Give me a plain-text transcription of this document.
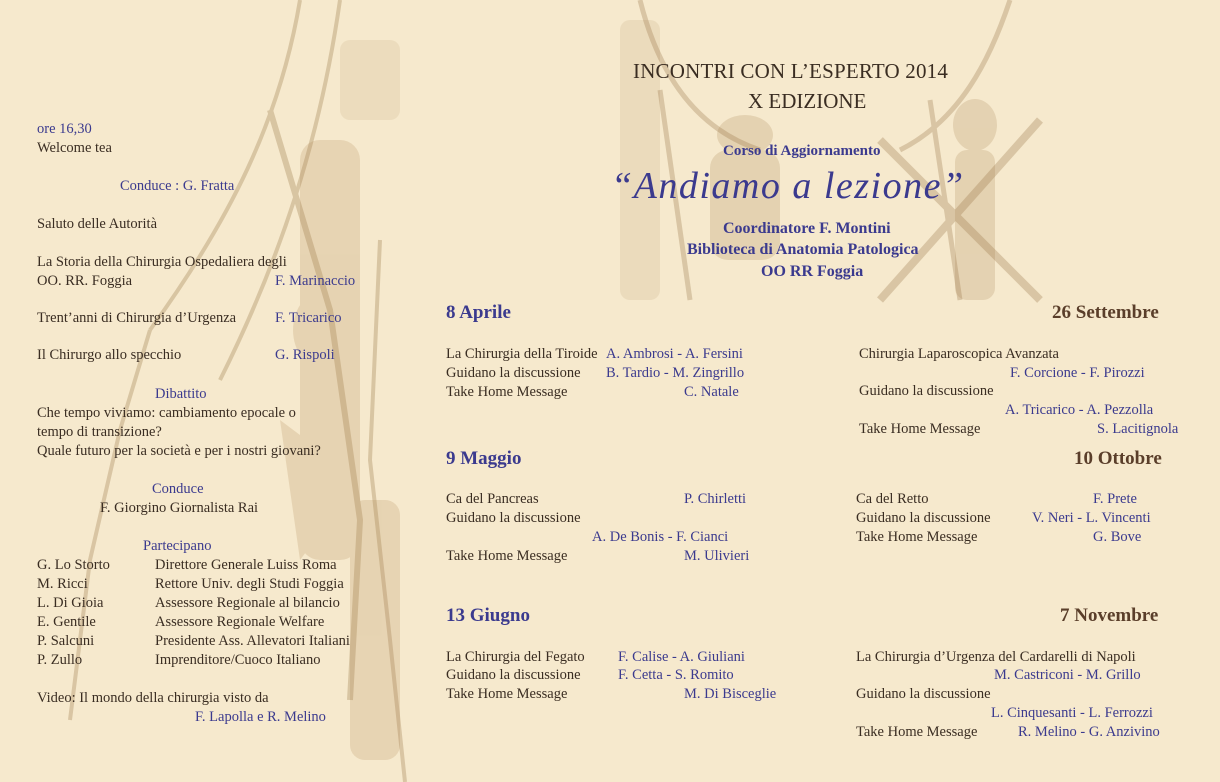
ore 16,30
Welcome tea
Conduce : G. Fratta
Saluto delle Autorità
La Storia della Chirurgia Ospedaliera degli
OO. RR. Foggia	F. Marinaccio
Trent’anni di Chirurgia d’Urgenza	F. Tricarico
Il Chirurgo allo specchio	G. Rispoli
Dibattito
Che tempo viviamo: cambiamento epocale o
tempo di transizione?
Quale futuro per la società e per i nostri giovani?
Conduce
F. Giorgino Giornalista Rai
Partecipano
G. Lo Storto	Direttore Generale Luiss Roma
M. Ricci	Rettore Univ. degli Studi Foggia
L. Di Gioia	Assessore Regionale al bilancio
E. Gentile	Assessore Regionale Welfare
P. Salcuni	Presidente Ass. Allevatori Italiani
P. Zullo	Imprenditore/Cuoco Italiano
Video: Il mondo della chirurgia visto da
F. Lapolla e R. Melino
INCONTRI CON L’ESPERTO 2014
X EDIZIONE
Corso di Aggiornamento
“Andiamo a lezione”
Coordinatore F. Montini
Biblioteca di Anatomia Patologica
OO RR Foggia
8 Aprile
La Chirurgia della Tiroide A. Ambrosi - A. Fersini
Guidano la discussione B. Tardio - M. Zingrillo
Take Home Message	C. Natale
26 Settembre
Chirurgia Laparoscopica Avanzata
F. Corcione - F. Pirozzi
Guidano la discussione
A. Tricarico - A. Pezzolla
Take Home Message	S. Lacitignola
9 Maggio
Ca del Pancreas	P. Chirletti
Guidano la discussione
A. De Bonis - F. Cianci
Take Home Message	M. Ulivieri
10 Ottobre
Ca del Retto	F. Prete
Guidano la discussione	V. Neri - L. Vincenti
Take Home Message	G. Bove
13 Giugno
La Chirurgia del Fegato F. Calise - A. Giuliani
Guidano la discussione	F. Cetta - S. Romito
Take Home Message	M. Di Bisceglie
7 Novembre
La Chirurgia d’Urgenza del Cardarelli di Napoli
M. Castriconi - M. Grillo
Guidano la discussione
L. Cinquesanti - L. Ferrozzi
Take Home Message	R. Melino - G. Anzivino
